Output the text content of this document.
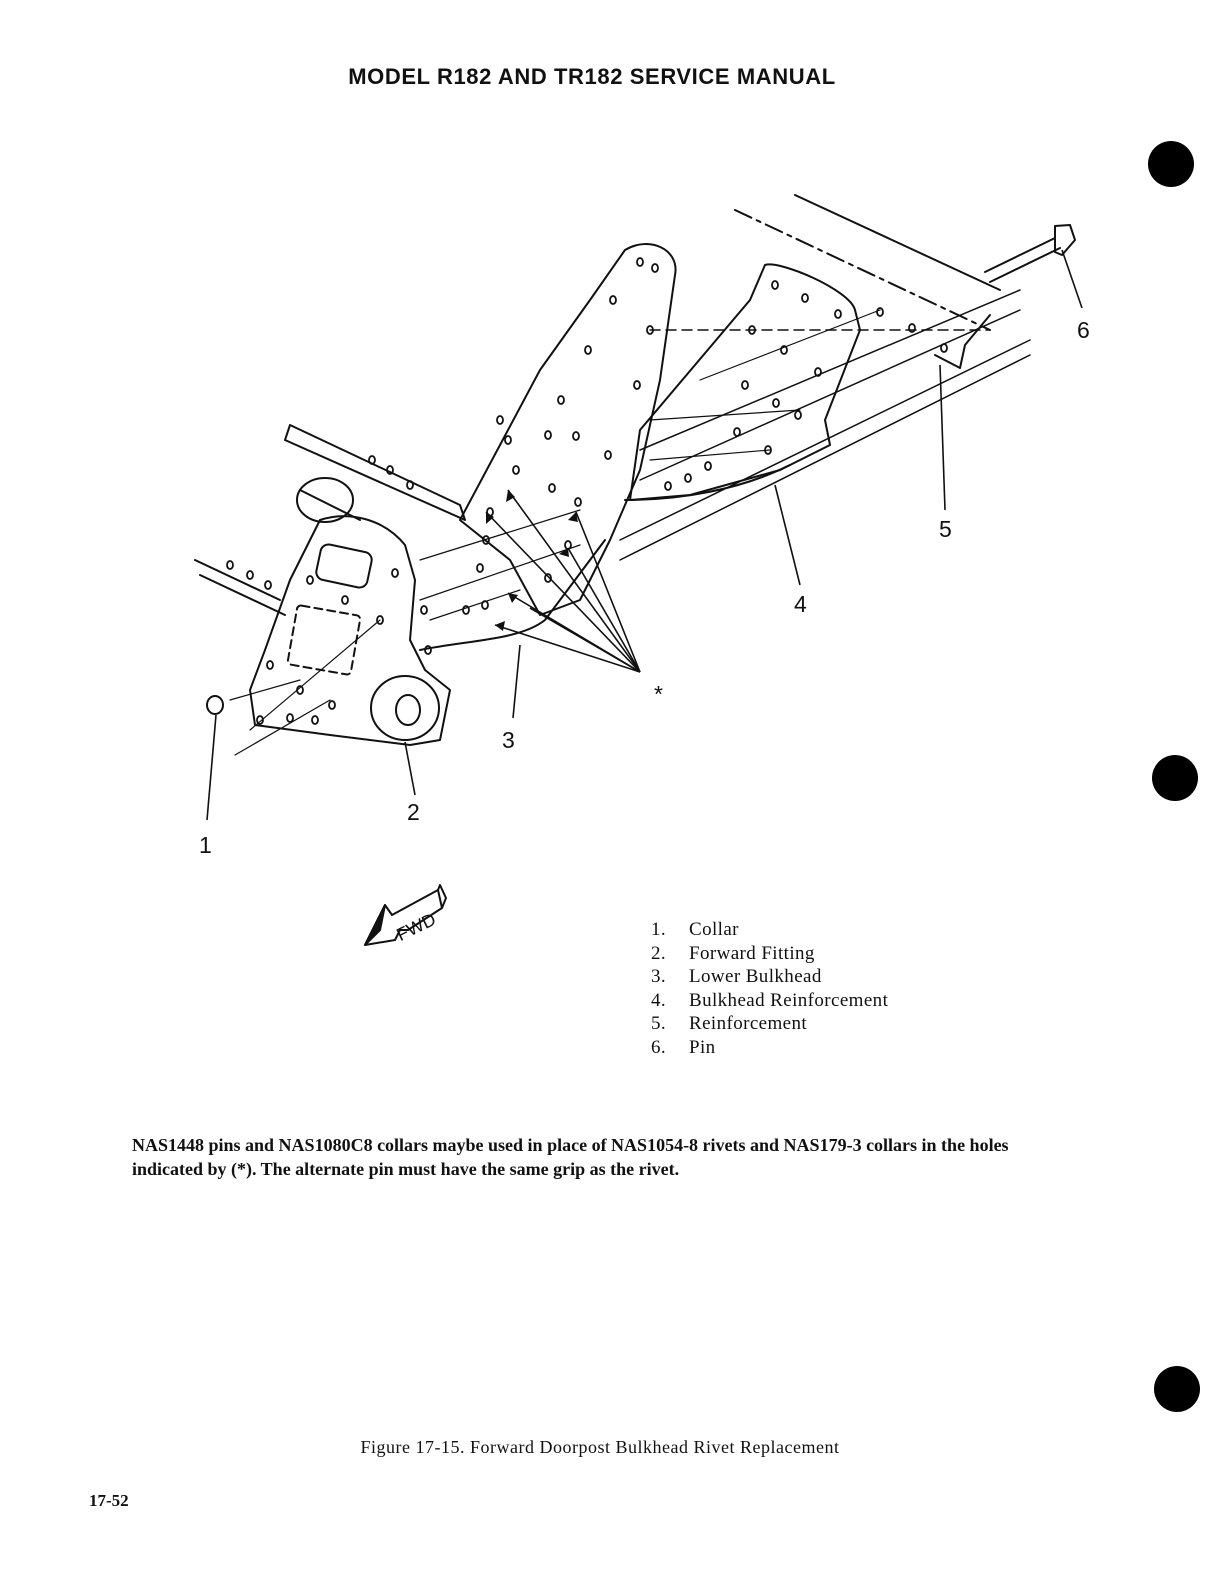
MODEL R182 AND TR182 SERVICE MANUAL
1
2
3
4
5
6
*
FWD	1. Collar
2. Forward Fitting
3. Lower Bulkhead
4. Bulkhead Reinforcement
5. Reinforcement
6. Pin
NAS1448 pins and NAS1080C8 collars maybe used in place of NAS1054-8 rivets and NAS179-3 collars in the holes indicated by (*). The alternate pin must have the same grip as the rivet.
Figure 17-15. Forward Doorpost Bulkhead Rivet Replacement
17-52
